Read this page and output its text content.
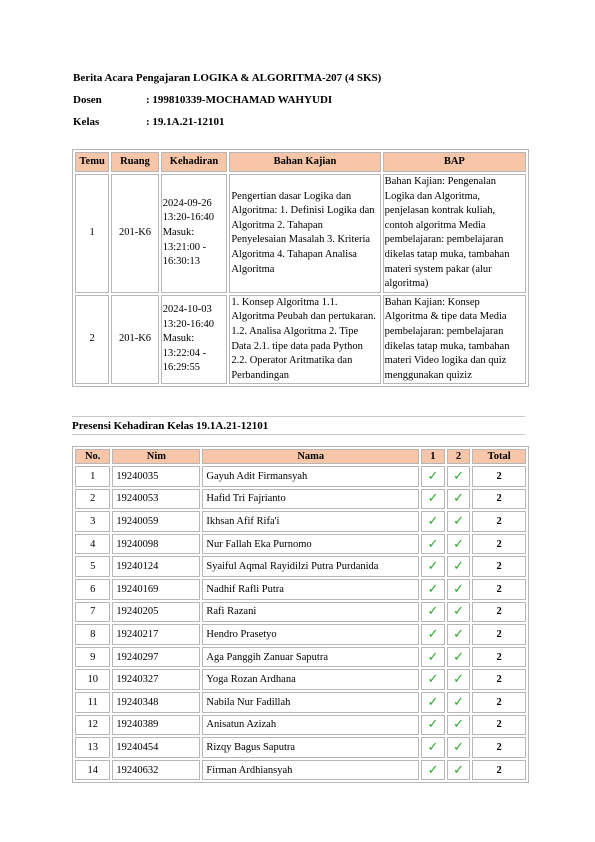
Berita Acara Pengajaran LOGIKA & ALGORITMA-207 (4 SKS)
Dosen	: 199810339-MOCHAMAD WAHYUDI
Kelas	: 19.1A.21-12101
Temu	Ruang	Kehadiran	Bahan Kajian	BAP
1	201-K6	2024-09-26
13:20-16:40
Masuk:
13:21:00 -
16:30:13	Pengertian dasar Logika dan Algoritma: 1. Definisi Logika dan Algoritma 2. Tahapan Penyelesaian Masalah 3. Kriteria Algoritma 4. Tahapan Analisa Algoritma	Bahan Kajian: Pengenalan Logika dan Algoritma, penjelasan kontrak kuliah, contoh algoritma Media pembelajaran: pembelajaran dikelas tatap muka, tambahan materi system pakar (alur algoritma)
2	201-K6	2024-10-03
13:20-16:40
Masuk:
13:22:04 -
16:29:55	1. Konsep Algoritma 1.1. Algoritma Peubah dan pertukaran. 1.2. Analisa Algoritma 2. Tipe Data 2.1. tipe data pada Python 2.2. Operator Aritmatika dan Perbandingan	Bahan Kajian: Konsep Algoritma & tipe data Media pembelajaran: pembelajaran dikelas tatap muka, tambahan materi Video logika dan quiz menggunakan quiziz
Presensi Kehadiran Kelas 19.1A.21-12101
No.	Nim	Nama	1	2	Total
1	19240035	Gayuh Adit Firmansyah	✓	✓	2
2	19240053	Hafid Tri Fajrianto	✓	✓	2
3	19240059	Ikhsan Afif Rifa'i	✓	✓	2
4	19240098	Nur Fallah Eka Purnomo	✓	✓	2
5	19240124	Syaiful Aqmal Rayidilzi Putra Purdanida	✓	✓	2
6	19240169	Nadhif Rafli Putra	✓	✓	2
7	19240205	Rafi Razani	✓	✓	2
8	19240217	Hendro Prasetyo	✓	✓	2
9	19240297	Aga Panggih Zanuar Saputra	✓	✓	2
10	19240327	Yoga Rozan Ardhana	✓	✓	2
11	19240348	Nabila Nur Fadillah	✓	✓	2
12	19240389	Anisatun Azizah	✓	✓	2
13	19240454	Rizqy Bagus Saputra	✓	✓	2
14	19240632	Firman Ardhiansyah	✓	✓	2
